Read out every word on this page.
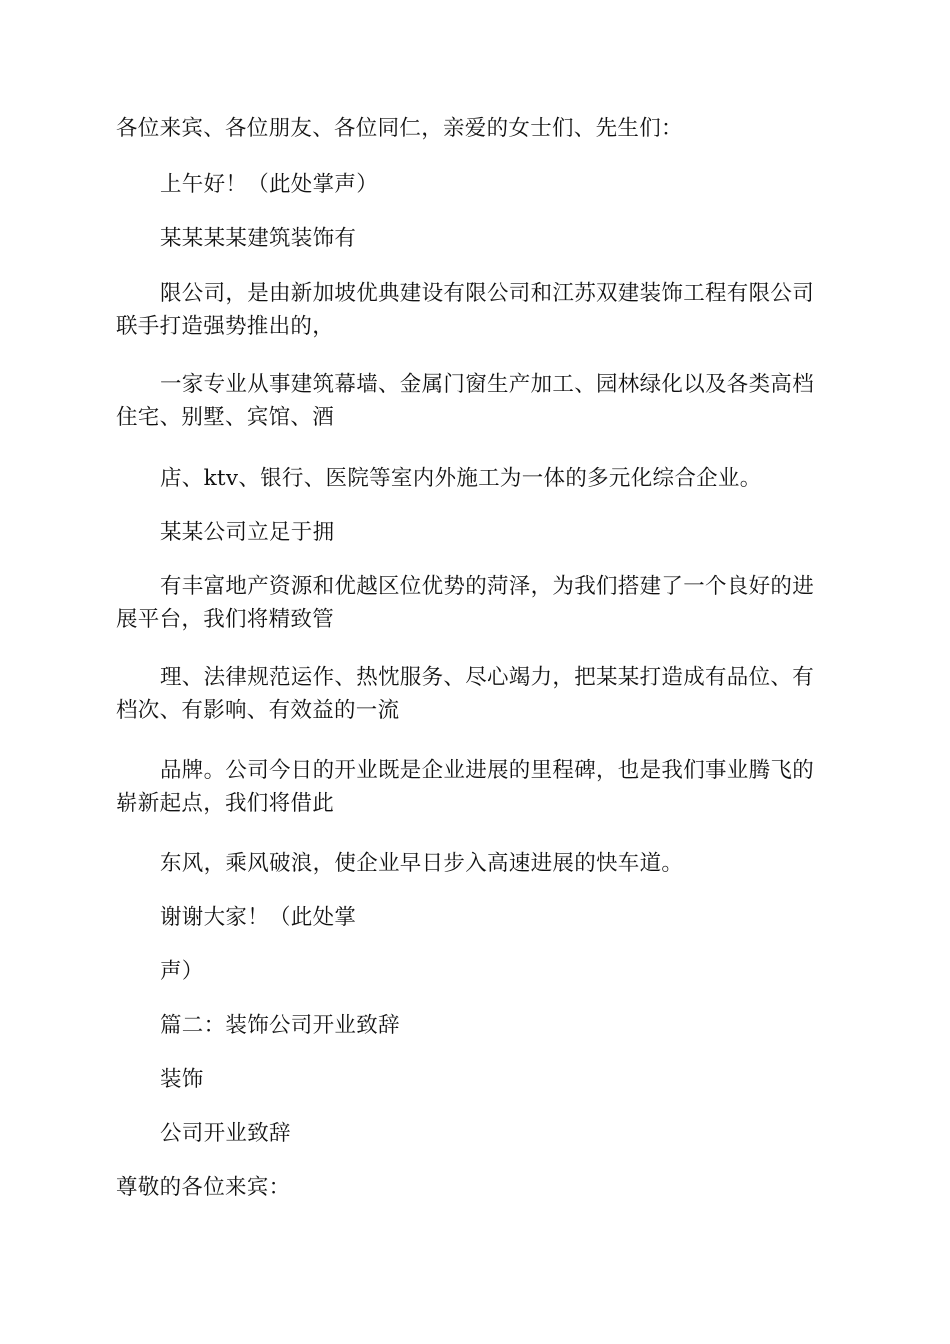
各位来宾、各位朋友、各位同仁，亲爱的女士们、先生们：
上午好！（此处掌声）
某某某某建筑装饰有
限公司，是由新加坡优典建设有限公司和江苏双建装饰工程有限公司
联手打造强势推出的，
一家专业从事建筑幕墙、金属门窗生产加工、园林绿化以及各类高档
住宅、别墅、宾馆、酒
店、ktv、银行、医院等室内外施工为一体的多元化综合企业。
某某公司立足于拥
有丰富地产资源和优越区位优势的菏泽，为我们搭建了一个良好的进
展平台，我们将精致管
理、法律规范运作、热忱服务、尽心竭力，把某某打造成有品位、有
档次、有影响、有效益的一流
品牌。公司今日的开业既是企业进展的里程碑，也是我们事业腾飞的
崭新起点，我们将借此
东风，乘风破浪，使企业早日步入高速进展的快车道。
谢谢大家！（此处掌
声）
篇二：装饰公司开业致辞
装饰
公司开业致辞
尊敬的各位来宾：
